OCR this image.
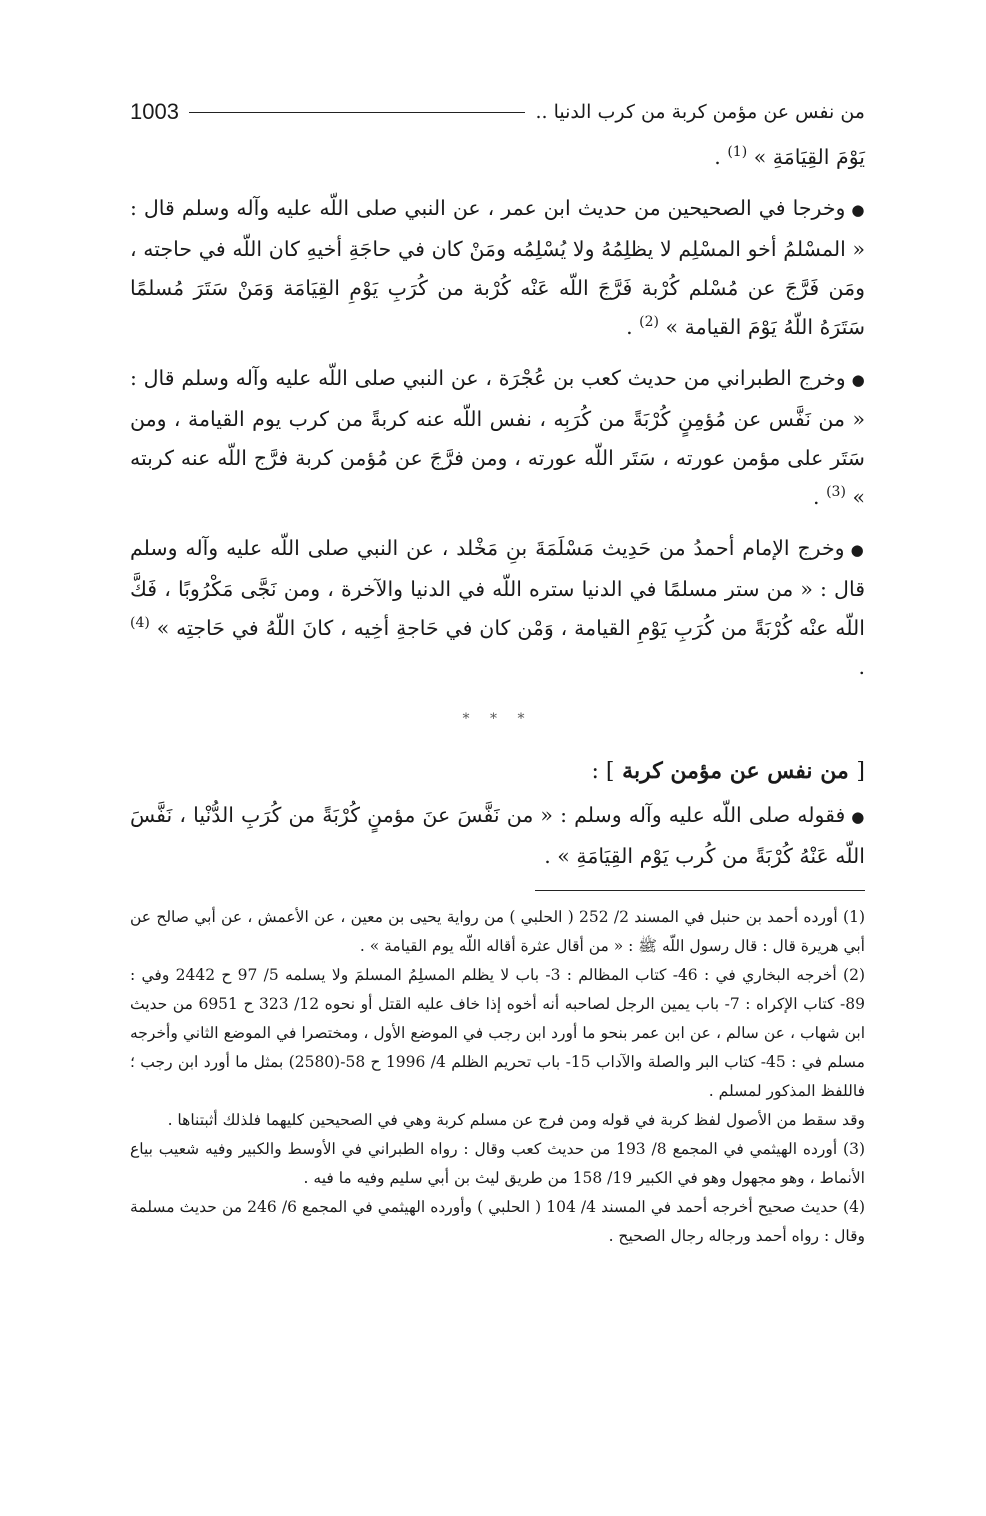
من نفس عن مؤمن كربة من كرب الدنيا ..
1003

يَوْمَ القِيَامَةِ » $^{(1)}$ .

●وخرجا في الصحيحين من حديث ابن عمر ، عن النبي صلى اللّه عليه وآله وسلم قال : « المسْلمُ أخو المسْلِم لا يظلِمُهُ ولا يُسْلِمُه ومَنْ كان في حاجَةِ أخيهِ كان اللّه في حاجته ، ومَن فَرَّجَ عن مُسْلم كُرْبة فَرَّجَ اللّه عَنْه كُرْبة من كُرَبِ يَوْمِ القِيَامَة وَمَنْ سَتَرَ مُسلمًا سَتَرَهُ اللّهُ يَوْمَ القيامة » $^{(2)}$ .

●وخرج الطبراني من حديث كعب بن عُجْرَة ، عن النبي صلى اللّه عليه وآله وسلم قال : « من نَفَّس عن مُؤمِنٍ كُرْبَةً من كُرَبِه ، نفس اللّه عنه كربةً من كرب يوم القيامة ، ومن سَتَر على مؤمن عورته ، سَتَر اللّه عورته ، ومن فرَّجَ عن مُؤمن كربة فرَّج اللّه عنه كربته » $^{(3)}$ .

●وخرج الإمام أحمدُ من حَدِيث مَسْلَمَةَ بنِ مَخْلد ، عن النبي صلى اللّه عليه وآله وسلم قال : « من ستر مسلمًا في الدنيا ستره اللّه في الدنيا والآخرة ، ومن نَجَّى مَكْرُوبًا ، فَكَّ اللّه عنْه كُرْبَةً من كُرَبِ يَوْمِ القيامة ، وَمْن كان في حَاجةِ أخِيه ، كانَ اللّهُ في حَاجتِه » $^{(4)}$ .

* * *
[ من نفس عن مؤمن كربة ] :

●فقوله صلى اللّه عليه وآله وسلم : « من نَفَّسَ عنَ مؤمنٍ كُرْبَةً من كُرَبِ الدُّنْيا ، نَفَّسَ اللّه عَنْهُ كُرْبَةً من كُرب يَوْم القِيَامَةِ » .

(1) أورده أحمد بن حنبل في المسند 2/ 252 ( الحلبي ) من رواية يحيى بن معين ، عن الأعمش ، عن أبي صالح عن أبي هريرة قال : قال رسول اللّه ﷺ : « من أقال عثرة أقاله اللّه يوم القيامة » .

(2) أخرجه البخاري في : 46- كتاب المظالم : 3- باب لا يظلم المسلِمُ المسلمَ ولا يسلمه 5/ 97 ح 2442 وفي : 89- كتاب الإكراه : 7- باب يمين الرجل لصاحبه أنه أخوه إذا خاف عليه القتل أو نحوه 12/ 323 ح 6951 من حديث ابن شهاب ، عن سالم ، عن ابن عمر بنحو ما أورد ابن رجب في الموضع الأول ، ومختصرا في الموضع الثاني وأخرجه مسلم في : 45- كتاب البر والصلة والآداب 15- باب تحريم الظلم 4/ 1996 ح 58-(2580) بمثل ما أورد ابن رجب ؛ فاللفظ المذكور لمسلم .

وقد سقط من الأصول لفظ كربة في قوله ومن فرج عن مسلم كربة وهي في الصحيحين كليهما فلذلك أثبتناها .

(3) أورده الهيثمي في المجمع 8/ 193 من حديث كعب وقال : رواه الطبراني في الأوسط والكبير وفيه شعيب بياع الأنماط ، وهو مجهول وهو في الكبير 19/ 158 من طريق ليث بن أبي سليم وفيه ما فيه .

(4) حديث صحيح أخرجه أحمد في المسند 4/ 104 ( الحلبي ) وأورده الهيثمي في المجمع 6/ 246 من حديث مسلمة وقال : رواه أحمد ورجاله رجال الصحيح .
